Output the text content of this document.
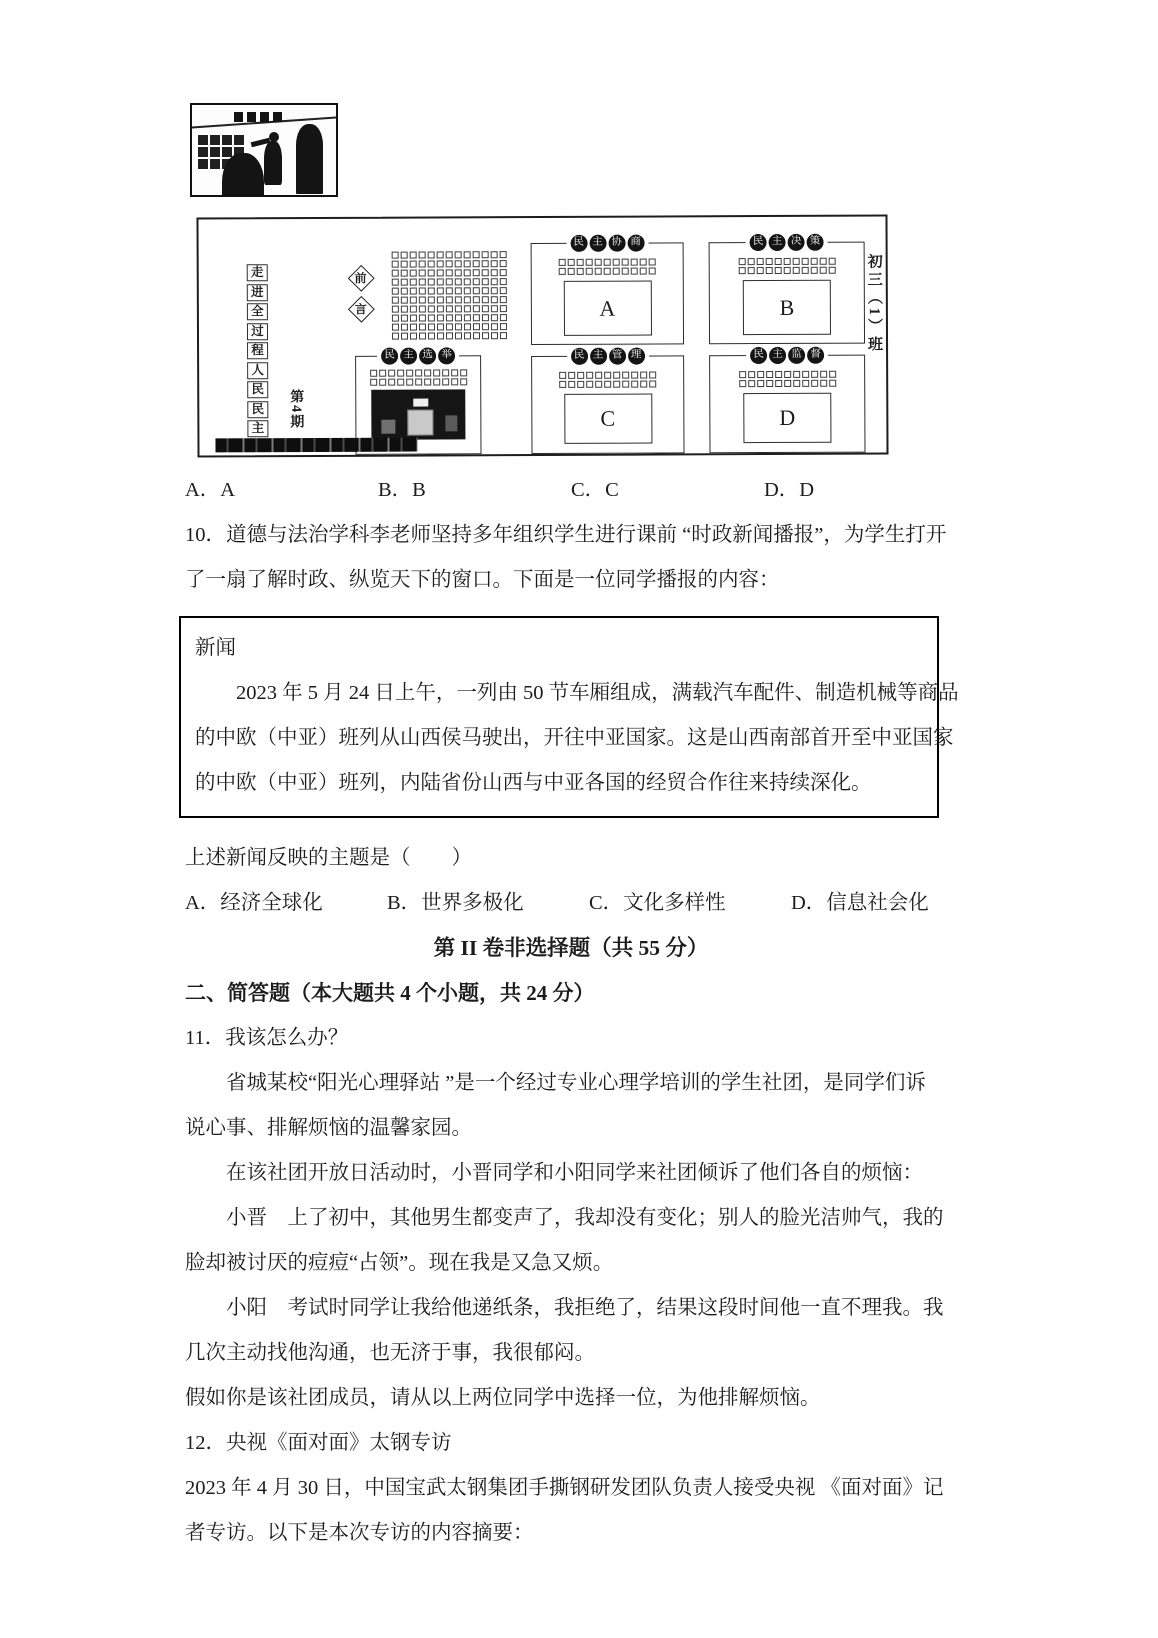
走
进
全
过
程
人
民
民
主 第4期
前
言
民 主 选 举
民 主 协 商
A
民 主 决 策
B
民 主 管 理
C
民 主 监 督
D
初三（1）班
A．A	B．B	C．C	D．D
10．道德与法治学科李老师坚持多年组织学生进行课前 “时政新闻播报”，为学生打开
了一扇了解时政、纵览天下的窗口。下面是一位同学播报的内容：
新闻
　　2023 年 5 月 24 日上午，一列由 50 节车厢组成，满载汽车配件、制造机械等商品
的中欧（中亚）班列从山西侯马驶出，开往中亚国家。这是山西南部首开至中亚国家
的中欧（中亚）班列，内陆省份山西与中亚各国的经贸合作往来持续深化。
上述新闻反映的主题是（　　）
A．经济全球化	B．世界多极化	C．文化多样性	D．信息社会化
第 II 卷非选择题（共 55 分）
二、简答题（本大题共 4 个小题，共 24 分）
11．我该怎么办？
　　省城某校“阳光心理驿站 ”是一个经过专业心理学培训的学生社团，是同学们诉
说心事、排解烦恼的温馨家园。
　　在该社团开放日活动时，小晋同学和小阳同学来社团倾诉了他们各自的烦恼：
　　小晋　上了初中，其他男生都变声了，我却没有变化；别人的脸光洁帅气，我的
脸却被讨厌的痘痘“占领”。现在我是又急又烦。
　　小阳　考试时同学让我给他递纸条，我拒绝了，结果这段时间他一直不理我。我
几次主动找他沟通，也无济于事，我很郁闷。
假如你是该社团成员，请从以上两位同学中选择一位，为他排解烦恼。
12．央视《面对面》太钢专访
2023 年 4 月 30 日，中国宝武太钢集团手撕钢研发团队负责人接受央视 《面对面》记
者专访。以下是本次专访的内容摘要：
